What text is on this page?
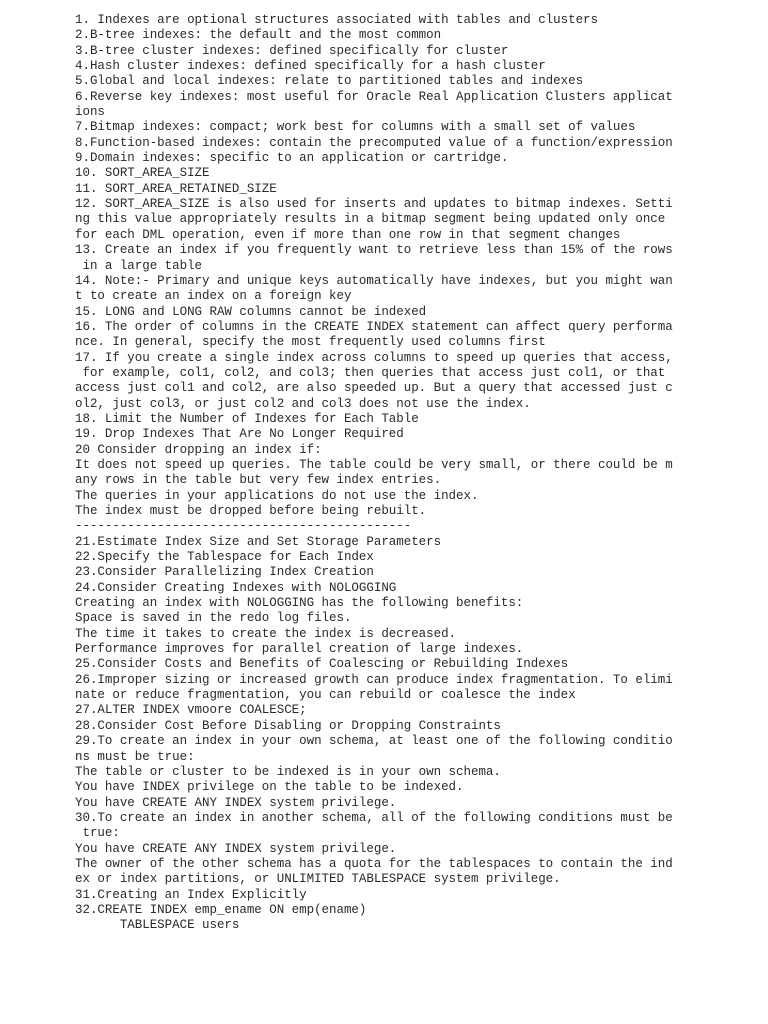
1. Indexes are optional structures associated with tables and clusters
2.B-tree indexes: the default and the most common
3.B-tree cluster indexes: defined specifically for cluster
4.Hash cluster indexes: defined specifically for a hash cluster
5.Global and local indexes: relate to partitioned tables and indexes
6.Reverse key indexes: most useful for Oracle Real Application Clusters applicat
ions
7.Bitmap indexes: compact; work best for columns with a small set of values
8.Function-based indexes: contain the precomputed value of a function/expression
9.Domain indexes: specific to an application or cartridge.
10. SORT_AREA_SIZE
11. SORT_AREA_RETAINED_SIZE
12. SORT_AREA_SIZE is also used for inserts and updates to bitmap indexes. Setti
ng this value appropriately results in a bitmap segment being updated only once
for each DML operation, even if more than one row in that segment changes
13. Create an index if you frequently want to retrieve less than 15% of the rows
in a large table
14. Note:- Primary and unique keys automatically have indexes, but you might wan
t to create an index on a foreign key
15. LONG and LONG RAW columns cannot be indexed
16. The order of columns in the CREATE INDEX statement can affect query performa
nce. In general, specify the most frequently used columns first
17. If you create a single index across columns to speed up queries that access,
for example, col1, col2, and col3; then queries that access just col1, or that
access just col1 and col2, are also speeded up. But a query that accessed just c
ol2, just col3, or just col2 and col3 does not use the index.
18. Limit the Number of Indexes for Each Table
19. Drop Indexes That Are No Longer Required
20 Consider dropping an index if:
It does not speed up queries. The table could be very small, or there could be m
any rows in the table but very few index entries.
The queries in your applications do not use the index.
The index must be dropped before being rebuilt.
---------------------------------------------
21.Estimate Index Size and Set Storage Parameters
22.Specify the Tablespace for Each Index
23.Consider Parallelizing Index Creation
24.Consider Creating Indexes with NOLOGGING
Creating an index with NOLOGGING has the following benefits:
Space is saved in the redo log files.
The time it takes to create the index is decreased.
Performance improves for parallel creation of large indexes.
25.Consider Costs and Benefits of Coalescing or Rebuilding Indexes
26.Improper sizing or increased growth can produce index fragmentation. To elimi
nate or reduce fragmentation, you can rebuild or coalesce the index
27.ALTER INDEX vmoore COALESCE;
28.Consider Cost Before Disabling or Dropping Constraints
29.To create an index in your own schema, at least one of the following conditio
ns must be true:
The table or cluster to be indexed is in your own schema.
You have INDEX privilege on the table to be indexed.
You have CREATE ANY INDEX system privilege.
30.To create an index in another schema, all of the following conditions must be
true:
You have CREATE ANY INDEX system privilege.
The owner of the other schema has a quota for the tablespaces to contain the ind
ex or index partitions, or UNLIMITED TABLESPACE system privilege.
31.Creating an Index Explicitly
32.CREATE INDEX emp_ename ON emp(ename)
TABLESPACE users
